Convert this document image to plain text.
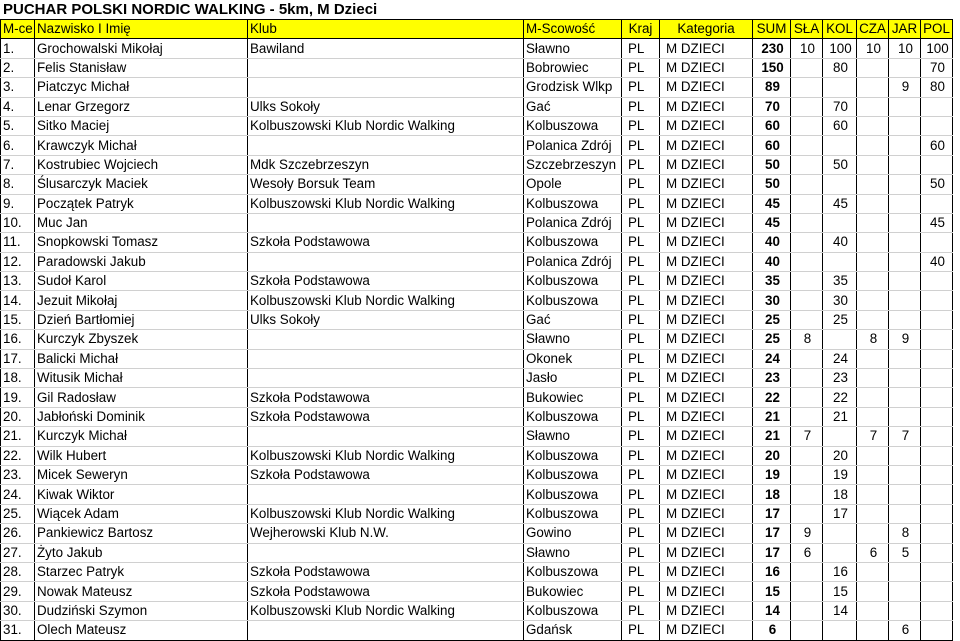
PUCHAR POLSKI NORDIC WALKING - 5km, M Dzieci
M-ce	Nazwisko I Imię	Klub	M-Scowość	Kraj	Kategoria	SUM	SŁA	KOL	CZA	JAR	POL
1.	Grochowalski Mikołaj	Bawiland	Sławno	PL	M DZIECI	230	10	100	10	10	100
2.	Felis Stanisław		Bobrowiec	PL	M DZIECI	150		80			70
3.	Piatczyc Michał		Grodzisk Wlkp	PL	M DZIECI	89				9	80
4.	Lenar Grzegorz	Ulks Sokoły	Gać	PL	M DZIECI	70		70			
5.	Sitko Maciej	Kolbuszowski Klub Nordic Walking	Kolbuszowa	PL	M DZIECI	60		60			
6.	Krawczyk Michał		Polanica Zdrój	PL	M DZIECI	60					60
7.	Kostrubiec Wojciech	Mdk Szczebrzeszyn	Szczebrzeszyn	PL	M DZIECI	50		50			
8.	Ślusarczyk Maciek	Wesoły Borsuk Team	Opole	PL	M DZIECI	50					50
9.	Początek Patryk	Kolbuszowski Klub Nordic Walking	Kolbuszowa	PL	M DZIECI	45		45			
10.	Muc Jan		Polanica Zdrój	PL	M DZIECI	45					45
11.	Snopkowski Tomasz	Szkoła Podstawowa	Kolbuszowa	PL	M DZIECI	40		40			
12.	Paradowski Jakub		Polanica Zdrój	PL	M DZIECI	40					40
13.	Sudoł Karol	Szkoła Podstawowa	Kolbuszowa	PL	M DZIECI	35		35			
14.	Jezuit Mikołaj	Kolbuszowski Klub Nordic Walking	Kolbuszowa	PL	M DZIECI	30		30			
15.	Dzień Bartłomiej	Ulks Sokoły	Gać	PL	M DZIECI	25		25			
16.	Kurczyk Zbyszek		Sławno	PL	M DZIECI	25	8		8	9	
17.	Balicki Michał		Okonek	PL	M DZIECI	24		24			
18.	Witusik Michał		Jasło	PL	M DZIECI	23		23			
19.	Gil Radosław	Szkoła Podstawowa	Bukowiec	PL	M DZIECI	22		22			
20.	Jabłoński Dominik	Szkoła Podstawowa	Kolbuszowa	PL	M DZIECI	21		21			
21.	Kurczyk Michał		Sławno	PL	M DZIECI	21	7		7	7	
22.	Wilk Hubert	Kolbuszowski Klub Nordic Walking	Kolbuszowa	PL	M DZIECI	20		20			
23.	Micek Seweryn	Szkoła Podstawowa	Kolbuszowa	PL	M DZIECI	19		19			
24.	Kiwak Wiktor		Kolbuszowa	PL	M DZIECI	18		18			
25.	Wiącek Adam	Kolbuszowski Klub Nordic Walking	Kolbuszowa	PL	M DZIECI	17		17			
26.	Pankiewicz Bartosz	Wejherowski Klub N.W.	Gowino	PL	M DZIECI	17	9			8	
27.	Żyto Jakub		Sławno	PL	M DZIECI	17	6		6	5	
28.	Starzec Patryk	Szkoła Podstawowa	Kolbuszowa	PL	M DZIECI	16		16			
29.	Nowak Mateusz	Szkoła Podstawowa	Bukowiec	PL	M DZIECI	15		15			
30.	Dudziński Szymon	Kolbuszowski Klub Nordic Walking	Kolbuszowa	PL	M DZIECI	14		14			
31.	Olech Mateusz		Gdańsk	PL	M DZIECI	6				6	
